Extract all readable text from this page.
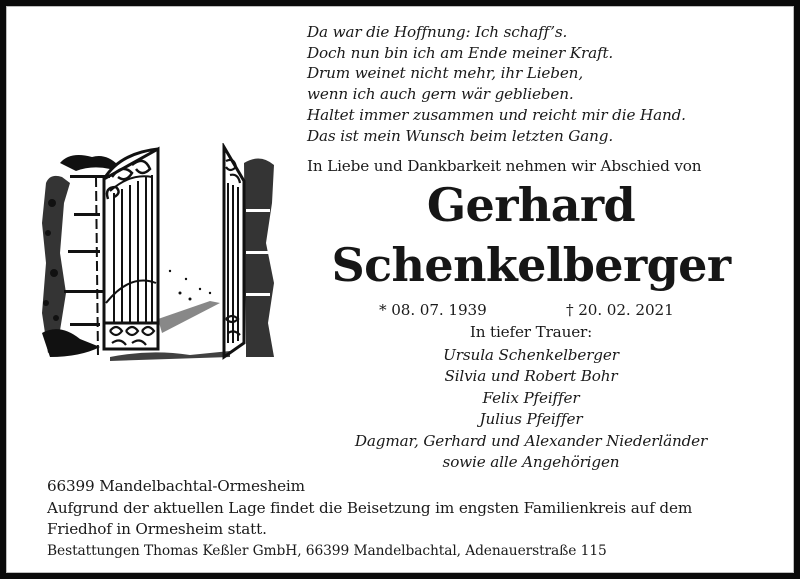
Da war die Hoffnung: Ich schaff’s.
Doch nun bin ich am Ende meiner Kraft.
Drum weinet nicht mehr, ihr Lieben,
wenn ich auch gern wär geblieben.
Haltet immer zusammen und reicht mir die Hand.
Das ist mein Wunsch beim letzten Gang.
In Liebe und Dankbarkeit nehmen wir Abschied von
Gerhard
Schenkelberger
* 08. 07. 1939	† 20. 02. 2021
In tiefer Trauer:
Ursula Schenkelberger
Silvia und Robert Bohr
Felix Pfeiffer
Julius Pfeiffer
Dagmar, Gerhard und Alexander Niederländer
sowie alle Angehörigen
66399 Mandelbachtal-Ormesheim
Aufgrund der aktuellen Lage findet die Beisetzung im engsten Familienkreis auf dem
Friedhof in Ormesheim statt.
Bestattungen Thomas Keßler GmbH, 66399 Mandelbachtal, Adenauerstraße 115
